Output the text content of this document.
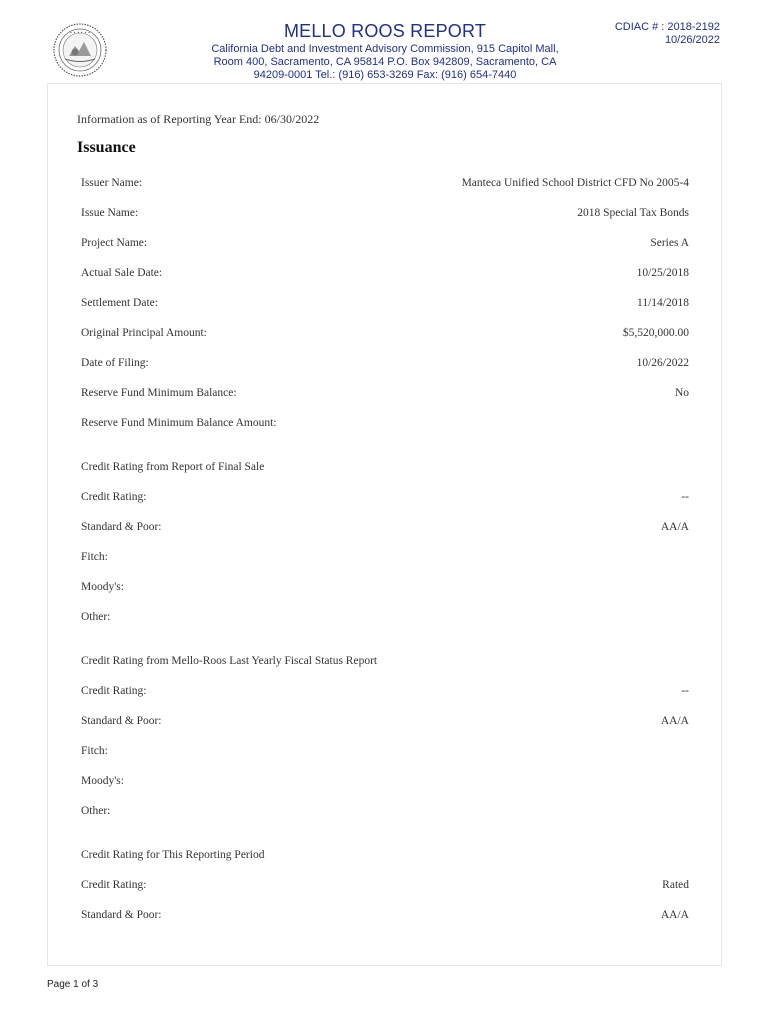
• • • • • •	MELLO ROOS REPORT
California Debt and Investment Advisory Commission, 915 Capitol Mall,
Room 400, Sacramento, CA 95814 P.O. Box 942809, Sacramento, CA
94209-0001 Tel.: (916) 653-3269 Fax: (916) 654-7440
CDIAC # : 2018-2192
10/26/2022
Information as of Reporting Year End: 06/30/2022
Issuance
Issuer Name:	Manteca Unified School District CFD No 2005-4
Issue Name:	2018 Special Tax Bonds
Project Name:	Series A
Actual Sale Date:	10/25/2018
Settlement Date:	11/14/2018
Original Principal Amount:	$5,520,000.00
Date of Filing:	10/26/2022
Reserve Fund Minimum Balance:	No
Reserve Fund Minimum Balance Amount:
Credit Rating from Report of Final Sale
Credit Rating:	--
Standard & Poor:	AA/A
Fitch:
Moody's:
Other:
Credit Rating from Mello-Roos Last Yearly Fiscal Status Report
Credit Rating:	--
Standard & Poor:	AA/A
Fitch:
Moody's:
Other:
Credit Rating for This Reporting Period
Credit Rating:	Rated
Standard & Poor:	AA/A
Page 1 of 3
